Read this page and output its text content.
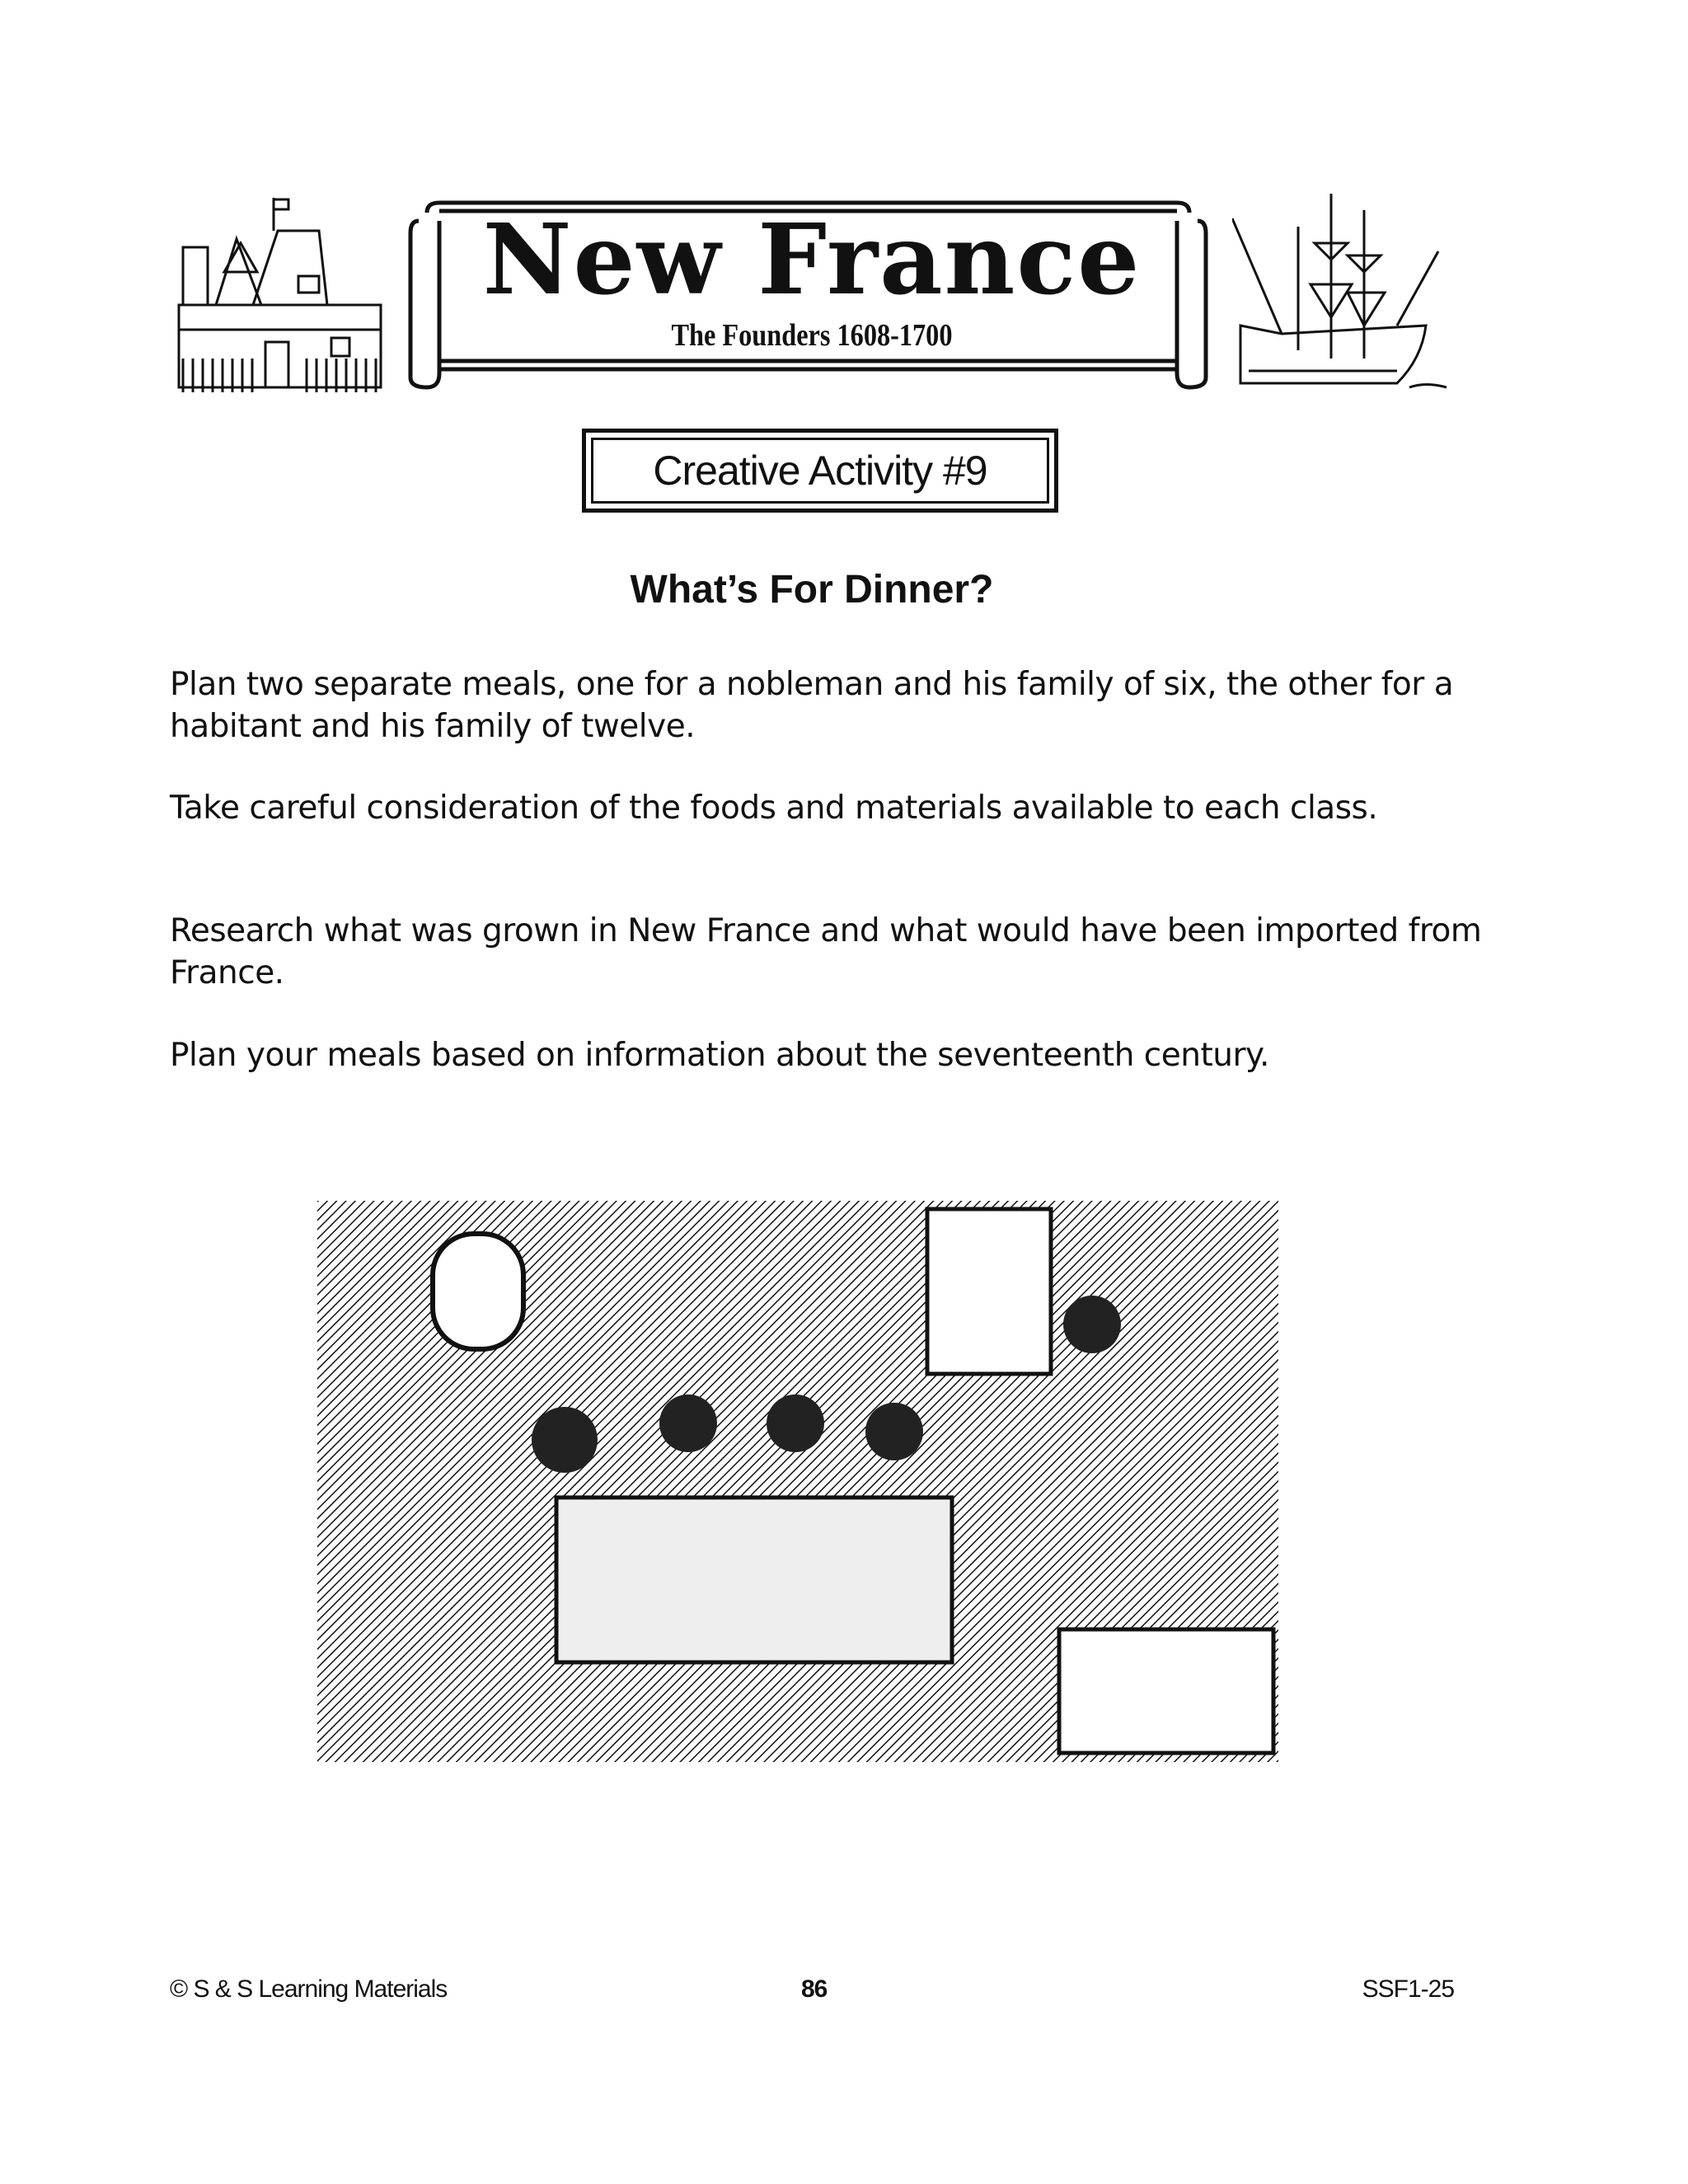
New France
The Founders 1608-1700
Creative Activity #9
What’s For Dinner?
Plan two separate meals, one for a nobleman and his family of six, the other for a habitant and his family of twelve.
Take careful consideration of the foods and materials available to each class.
Research what was grown in New France and what would have been imported from France.
Plan your meals based on information about the seventeenth century.
© S & S Learning Materials	86	SSF1-25
